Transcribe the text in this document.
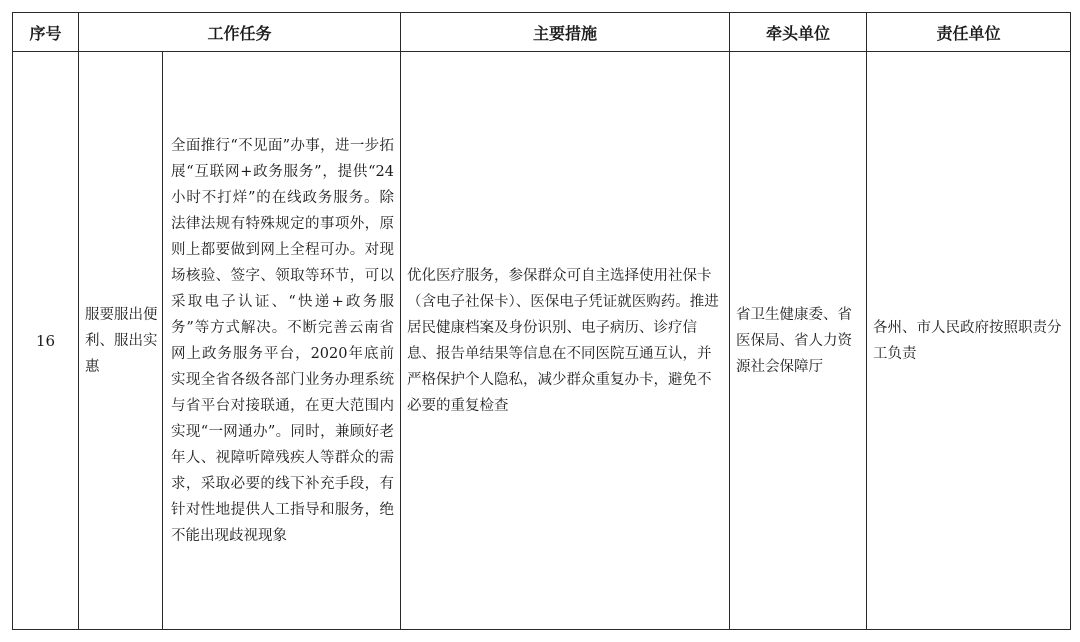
序号	工作任务		主要措施	牵头单位	责任单位
16	服要服出便利、服出实惠	全面推行“不见面”办事，进一步拓展“互联网+政务服务”，提供“24小时不打烊”的在线政务服务。除法律法规有特殊规定的事项外，原则上都要做到网上全程可办。对现场核验、签字、领取等环节，可以采取电子认证、“快递+政务服务”等方式解决。不断完善云南省网上政务服务平台，2020年底前实现全省各级各部门业务办理系统与省平台对接联通，在更大范围内实现“一网通办”。同时，兼顾好老年人、视障听障残疾人等群众的需求，采取必要的线下补充手段，有针对性地提供人工指导和服务，绝不能出现歧视现象	优化医疗服务，参保群众可自主选择使用社保卡（含电子社保卡）、医保电子凭证就医购药。推进居民健康档案及身份识别、电子病历、诊疗信息、报告单结果等信息在不同医院互通互认，并严格保护个人隐私，减少群众重复办卡，避免不必要的重复检查	省卫生健康委、省医保局、省人力资源社会保障厅	各州、市人民政府按照职责分工负责
